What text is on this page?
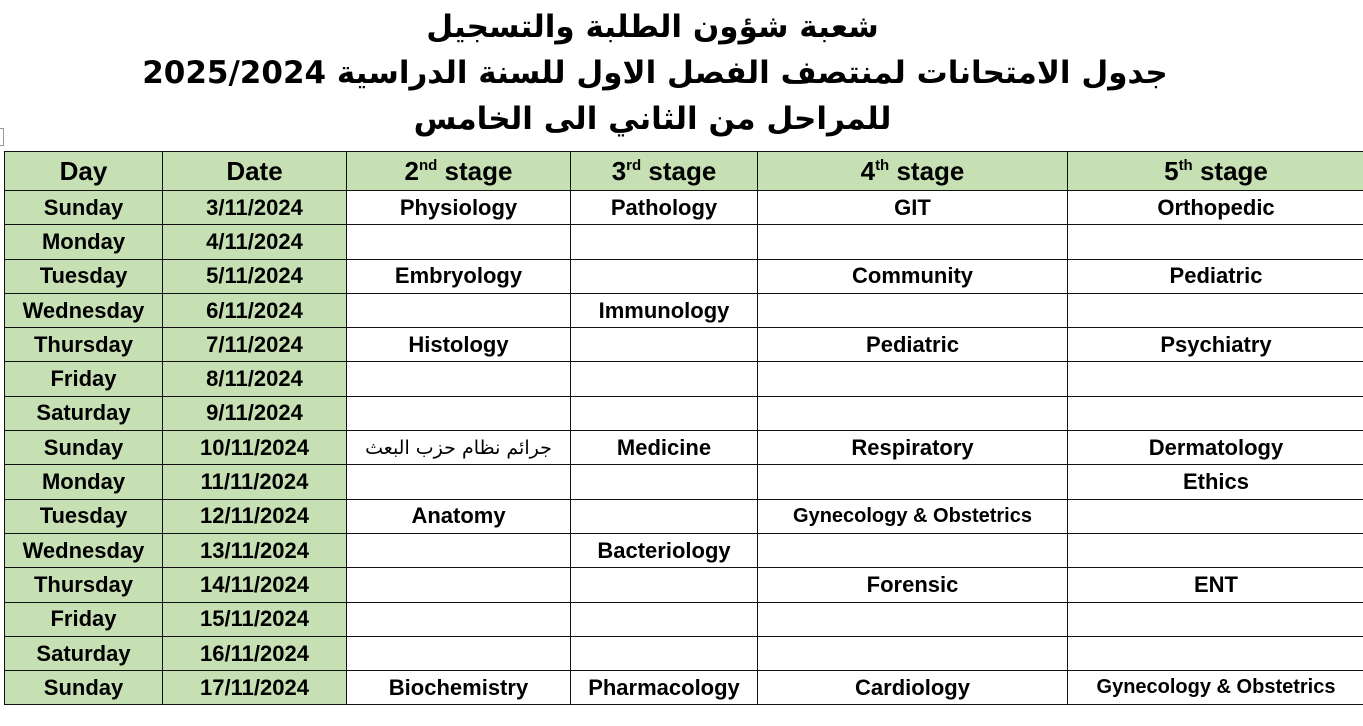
شعبة شؤون الطلبة والتسجيل
جدول الامتحانات لمنتصف الفصل الاول للسنة الدراسية 2025/2024
للمراحل من الثاني الى الخامس
Day	Date	2nd stage	3rd stage	4th stage	5th stage
Sunday	3/11/2024	Physiology	Pathology	GIT	Orthopedic
Monday	4/11/2024				
Tuesday	5/11/2024	Embryology		Community	Pediatric
Wednesday	6/11/2024		Immunology		
Thursday	7/11/2024	Histology		Pediatric	Psychiatry
Friday	8/11/2024				
Saturday	9/11/2024				
Sunday	10/11/2024	جرائم نظام حزب البعث	Medicine	Respiratory	Dermatology
Monday	11/11/2024				Ethics
Tuesday	12/11/2024	Anatomy		Gynecology & Obstetrics	
Wednesday	13/11/2024		Bacteriology		
Thursday	14/11/2024			Forensic	ENT
Friday	15/11/2024				
Saturday	16/11/2024				
Sunday	17/11/2024	Biochemistry	Pharmacology	Cardiology	Gynecology & Obstetrics
